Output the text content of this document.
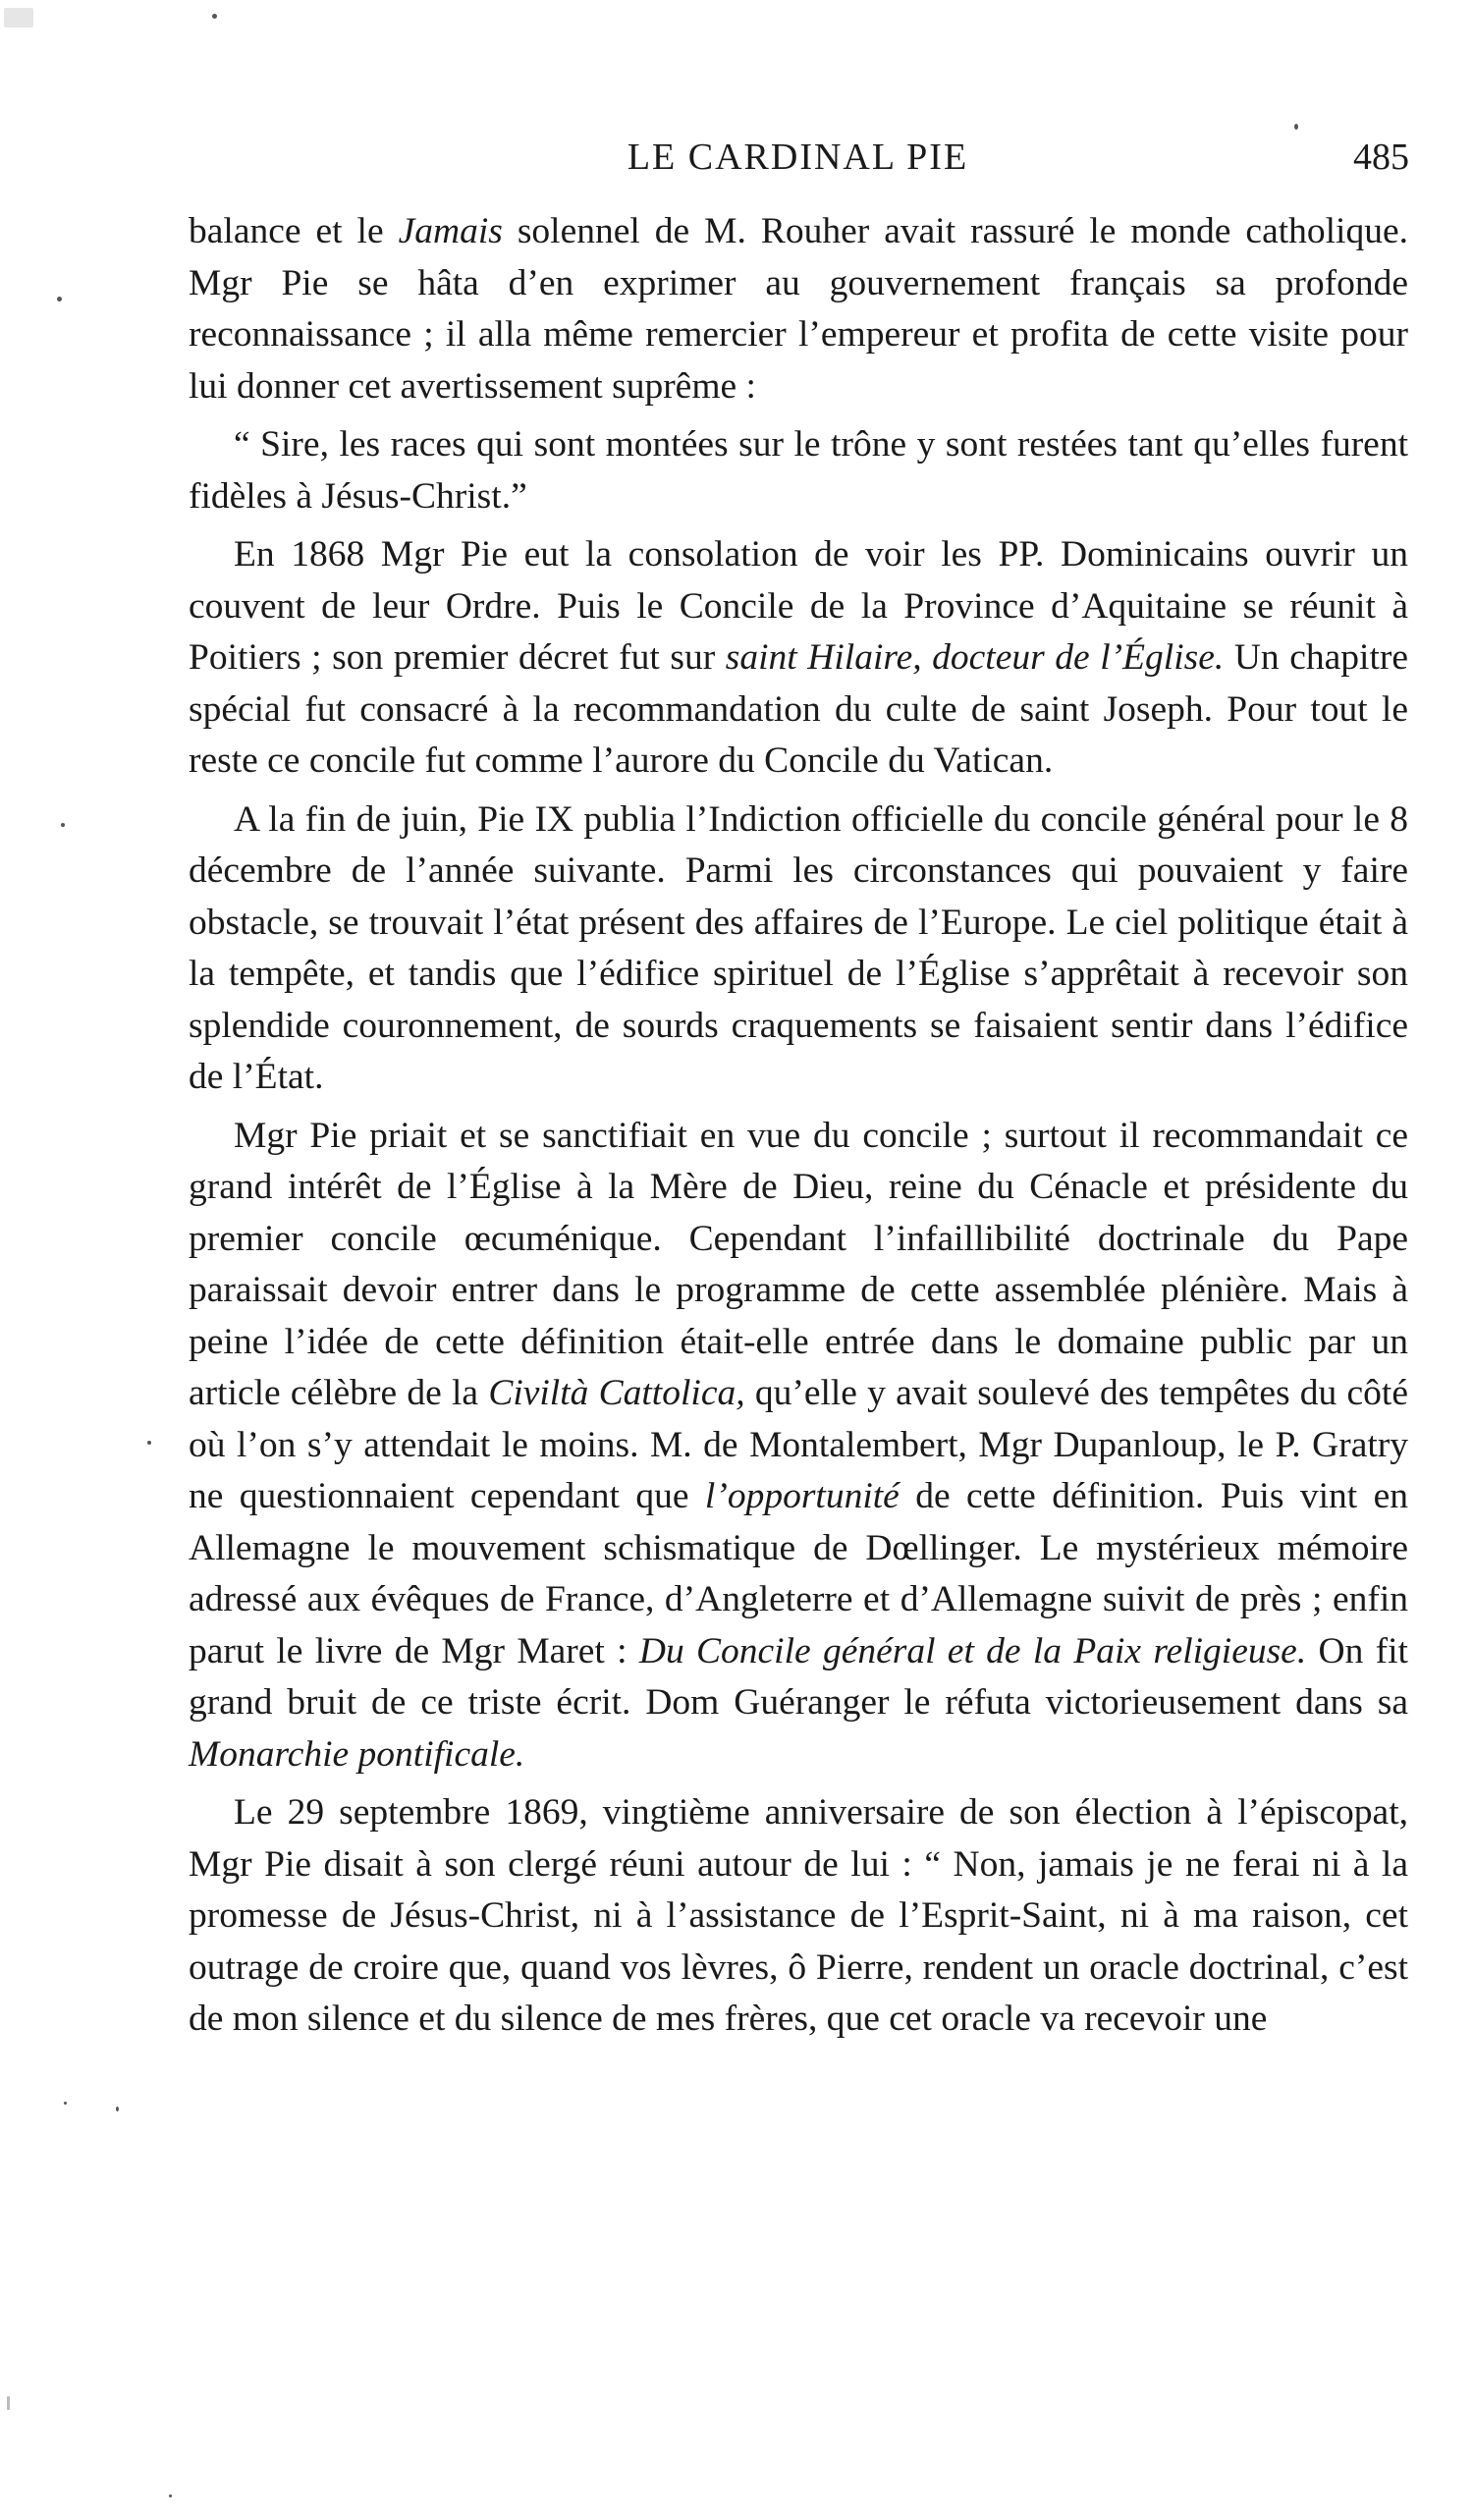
LE CARDINAL PIE	485

balance et le Jamais solennel de M. Rouher avait rassuré le monde catholique. Mgr Pie se hâta d’en exprimer au gouvernement français sa profonde reconnaissance ; il alla même remercier l’empereur et profita de cette visite pour lui donner cet avertissement suprême :

“ Sire, les races qui sont montées sur le trône y sont restées tant qu’elles furent fidèles à Jésus-Christ.”

En 1868 Mgr Pie eut la consolation de voir les PP. Dominicains ouvrir un couvent de leur Ordre. Puis le Concile de la Province d’Aquitaine se réunit à Poitiers ; son premier décret fut sur saint Hilaire, docteur de l’Église. Un chapitre spécial fut consacré à la recommandation du culte de saint Joseph. Pour tout le reste ce concile fut comme l’aurore du Concile du Vatican.

A la fin de juin, Pie IX publia l’Indiction officielle du concile général pour le 8 décembre de l’année suivante. Parmi les circonstances qui pouvaient y faire obstacle, se trouvait l’état présent des affaires de l’Europe. Le ciel politique était à la tempête, et tandis que l’édifice spirituel de l’Église s’apprêtait à recevoir son splendide couronnement, de sourds craquements se faisaient sentir dans l’édifice de l’État.

Mgr Pie priait et se sanctifiait en vue du concile ; surtout il recommandait ce grand intérêt de l’Église à la Mère de Dieu, reine du Cénacle et présidente du premier concile œcuménique. Cependant l’infaillibilité doctrinale du Pape paraissait devoir entrer dans le programme de cette assemblée plénière. Mais à peine l’idée de cette définition était-elle entrée dans le domaine public par un article célèbre de la Civiltà Cattolica, qu’elle y avait soulevé des tempêtes du côté où l’on s’y attendait le moins. M. de Montalembert, Mgr Dupanloup, le P. Gratry ne questionnaient cependant que l’opportunité de cette définition. Puis vint en Allemagne le mouvement schismatique de Dœllinger. Le mystérieux mémoire adressé aux évêques de France, d’Angleterre et d’Allemagne suivit de près ; enfin parut le livre de Mgr Maret : Du Concile général et de la Paix religieuse. On fit grand bruit de ce triste écrit. Dom Guéranger le réfuta victorieusement dans sa Monarchie pontificale.

Le 29 septembre 1869, vingtième anniversaire de son élection à l’épiscopat, Mgr Pie disait à son clergé réuni autour de lui : “ Non, jamais je ne ferai ni à la promesse de Jésus-Christ, ni à l’assistance de l’Esprit-Saint, ni à ma raison, cet outrage de croire que, quand vos lèvres, ô Pierre, rendent un oracle doctrinal, c’est de mon silence et du silence de mes frères, que cet oracle va recevoir une
